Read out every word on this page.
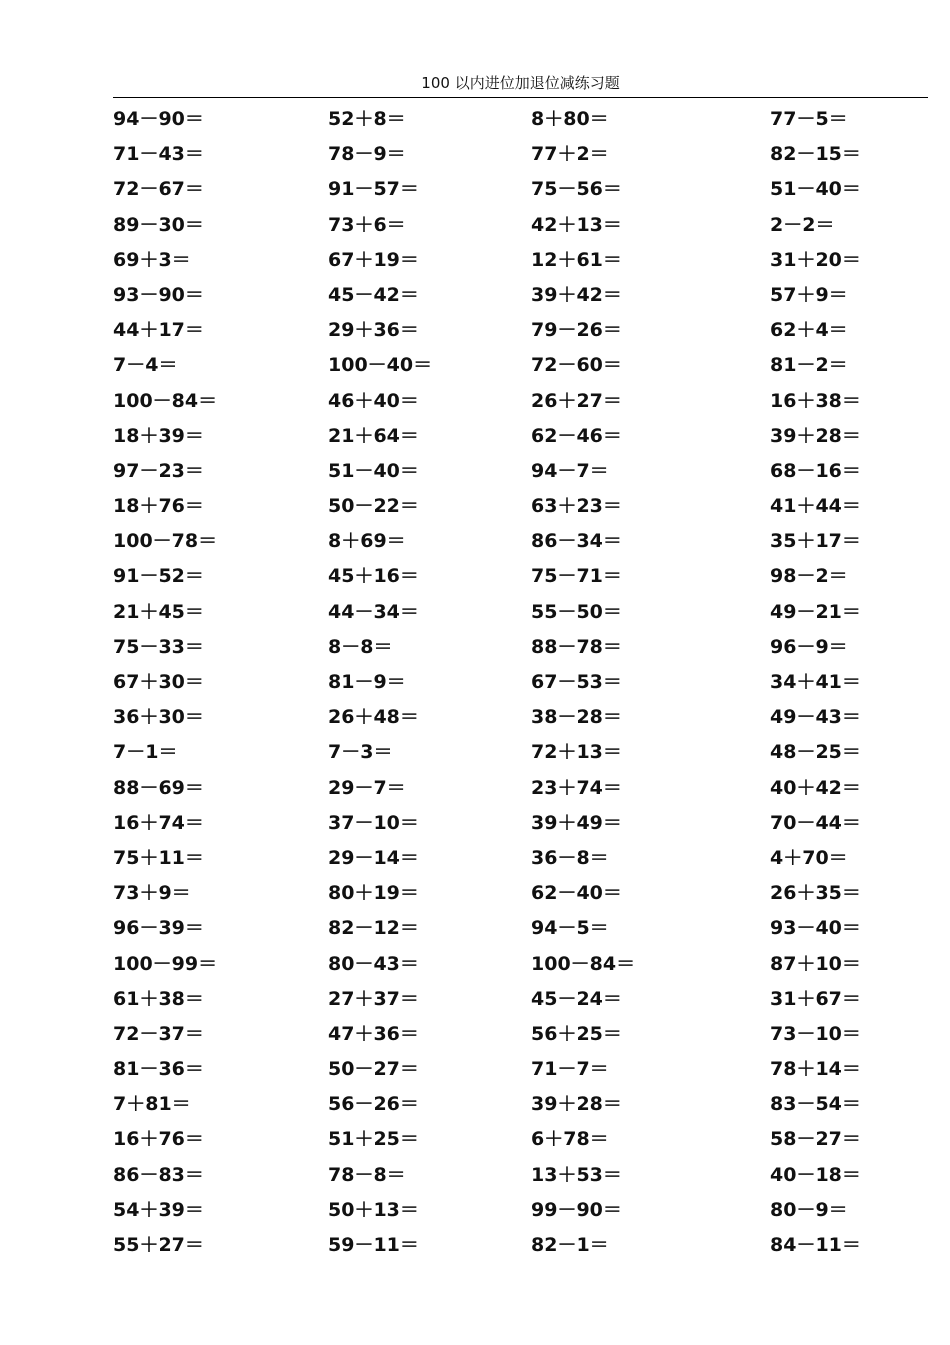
100 以内进位加退位减练习题
94－90＝	52＋8＝	8＋80＝	77－5＝
71－43＝	78－9＝	77＋2＝	82－15＝
72－67＝	91－57＝	75－56＝	51－40＝
89－30＝	73＋6＝	42＋13＝	2－2＝
69＋3＝	67＋19＝	12＋61＝	31＋20＝
93－90＝	45－42＝	39＋42＝	57＋9＝
44＋17＝	29＋36＝	79－26＝	62＋4＝
7－4＝	100－40＝	72－60＝	81－2＝
100－84＝	46＋40＝	26＋27＝	16＋38＝
18＋39＝	21＋64＝	62－46＝	39＋28＝
97－23＝	51－40＝	94－7＝	68－16＝
18＋76＝	50－22＝	63＋23＝	41＋44＝
100－78＝	8＋69＝	86－34＝	35＋17＝
91－52＝	45＋16＝	75－71＝	98－2＝
21＋45＝	44－34＝	55－50＝	49－21＝
75－33＝	8－8＝	88－78＝	96－9＝
67＋30＝	81－9＝	67－53＝	34＋41＝
36＋30＝	26＋48＝	38－28＝	49－43＝
7－1＝	7－3＝	72＋13＝	48－25＝
88－69＝	29－7＝	23＋74＝	40＋42＝
16＋74＝	37－10＝	39＋49＝	70－44＝
75＋11＝	29－14＝	36－8＝	4＋70＝
73＋9＝	80＋19＝	62－40＝	26＋35＝
96－39＝	82－12＝	94－5＝	93－40＝
100－99＝	80－43＝	100－84＝	87＋10＝
61＋38＝	27＋37＝	45－24＝	31＋67＝
72－37＝	47＋36＝	56＋25＝	73－10＝
81－36＝	50－27＝	71－7＝	78＋14＝
7＋81＝	56－26＝	39＋28＝	83－54＝
16＋76＝	51＋25＝	6＋78＝	58－27＝
86－83＝	78－8＝	13＋53＝	40－18＝
54＋39＝	50＋13＝	99－90＝	80－9＝
55＋27＝	59－11＝	82－1＝	84－11＝
